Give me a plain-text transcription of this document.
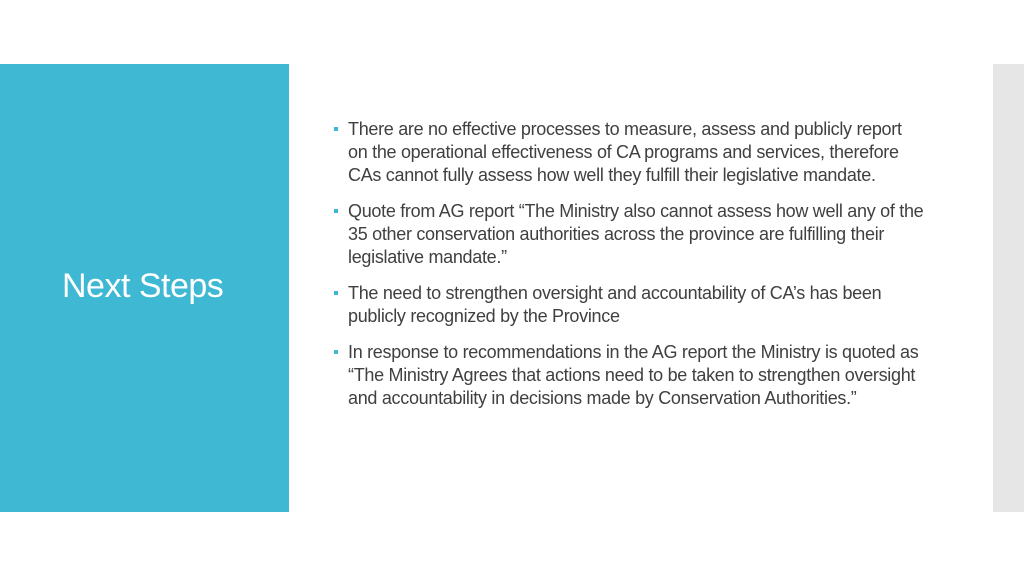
Next Steps
There are no effective processes to measure, assess and publicly report on the operational effectiveness of CA programs and services, therefore CAs cannot fully assess how well they fulfill their legislative mandate.
Quote from AG report “The Ministry also cannot assess how well any of the 35 other conservation authorities across the province are fulfilling their legislative mandate.”
The need to strengthen oversight and accountability of CA’s has been publicly recognized by the Province
In response to recommendations in the AG report the Ministry is quoted as “The Ministry Agrees that actions need to be taken to strengthen oversight and accountability in decisions made by Conservation Authorities.”
